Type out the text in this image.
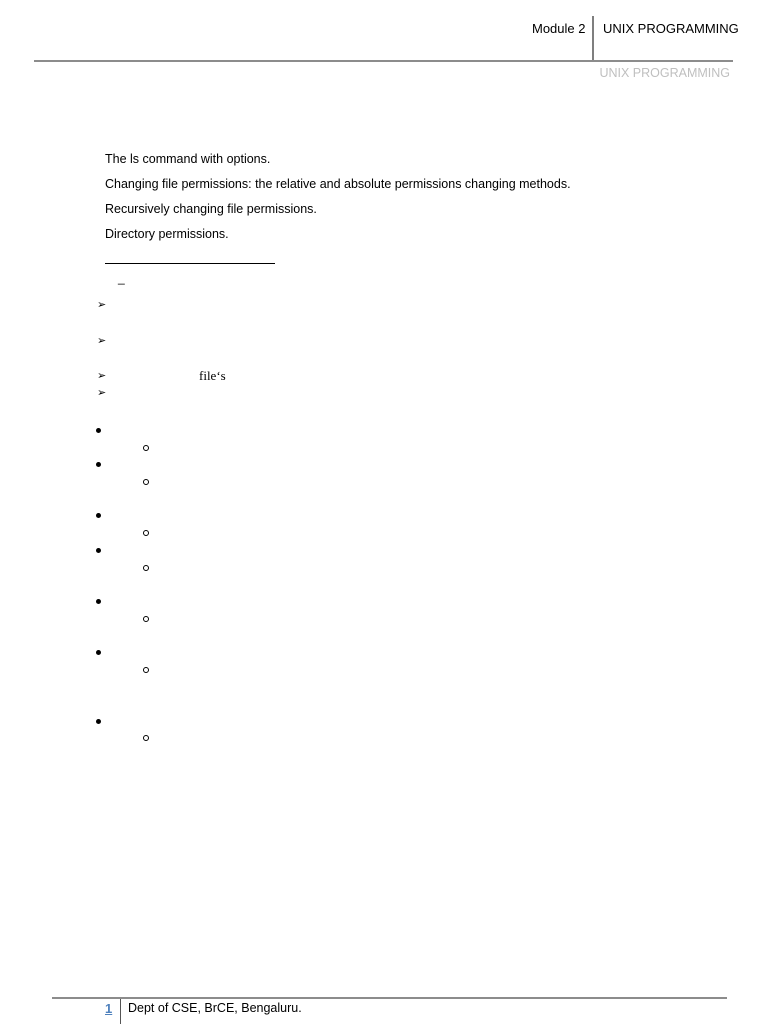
Module 2 UNIX PROGRAMMING
UNIX PROGRAMMING
The ls command with options.
Changing file permissions: the relative and absolute permissions changing methods.
Recursively changing file permissions.
Directory permissions.
_
➢
➢
➢	file‘s
➢
1 Dept of CSE, BrCE, Bengaluru.
